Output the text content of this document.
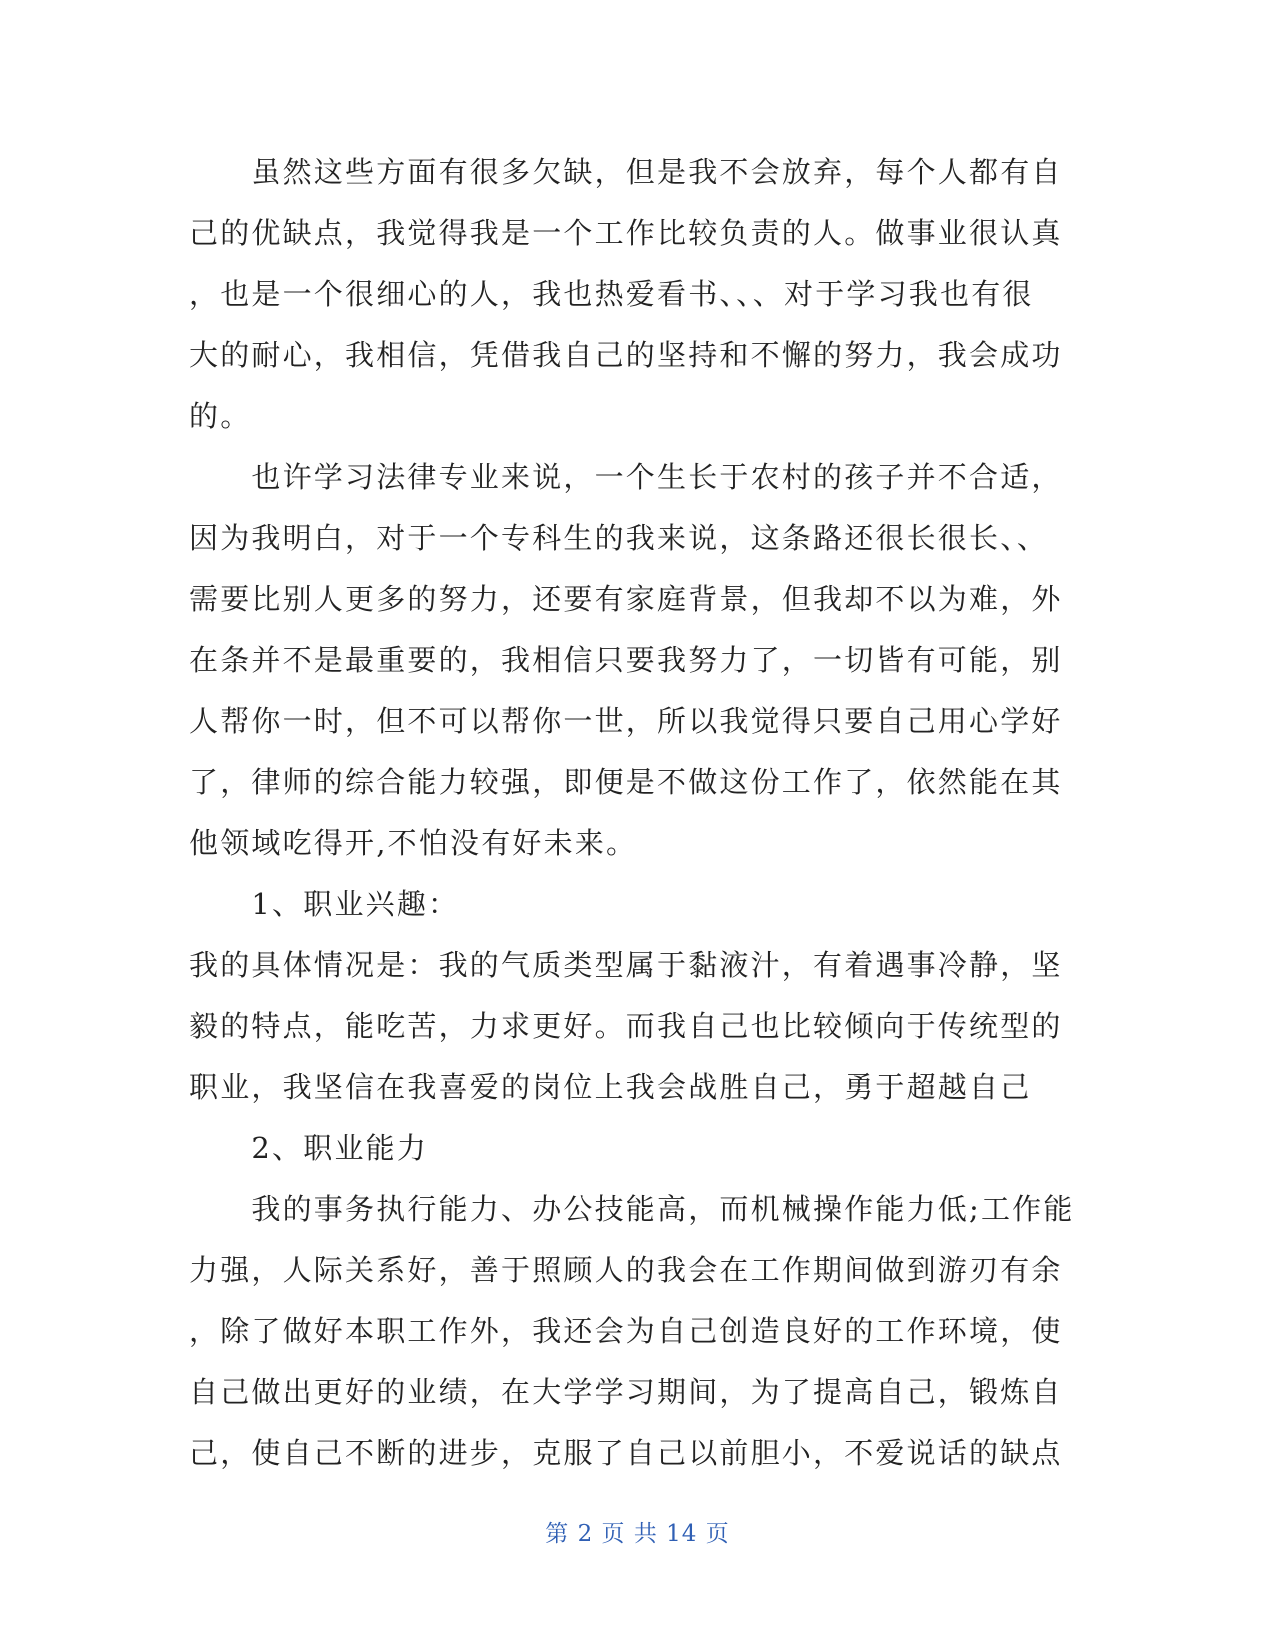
　　虽然这些方面有很多欠缺，但是我不会放弃，每个人都有自
己的优缺点，我觉得我是一个工作比较负责的人。做事业很认真
，也是一个很细心的人，我也热爱看书、、、对于学习我也有很
大的耐心，我相信，凭借我自己的坚持和不懈的努力，我会成功
的。
　　也许学习法律专业来说，一个生长于农村的孩子并不合适，
因为我明白，对于一个专科生的我来说，这条路还很长很长、、
需要比别人更多的努力，还要有家庭背景，但我却不以为难，外
在条并不是最重要的，我相信只要我努力了，一切皆有可能，别
人帮你一时，但不可以帮你一世，所以我觉得只要自己用心学好
了，律师的综合能力较强，即便是不做这份工作了，依然能在其
他领域吃得开,不怕没有好未来。
　　1、职业兴趣：
我的具体情况是：我的气质类型属于黏液汁，有着遇事冷静，坚
毅的特点，能吃苦，力求更好。而我自己也比较倾向于传统型的
职业，我坚信在我喜爱的岗位上我会战胜自己，勇于超越自己
　　2、职业能力
　　我的事务执行能力、办公技能高，而机械操作能力低;工作能
力强，人际关系好，善于照顾人的我会在工作期间做到游刃有余
，除了做好本职工作外，我还会为自己创造良好的工作环境，使
自己做出更好的业绩，在大学学习期间，为了提高自己，锻炼自
己，使自己不断的进步，克服了自己以前胆小，不爱说话的缺点
第 2 页 共 14 页
